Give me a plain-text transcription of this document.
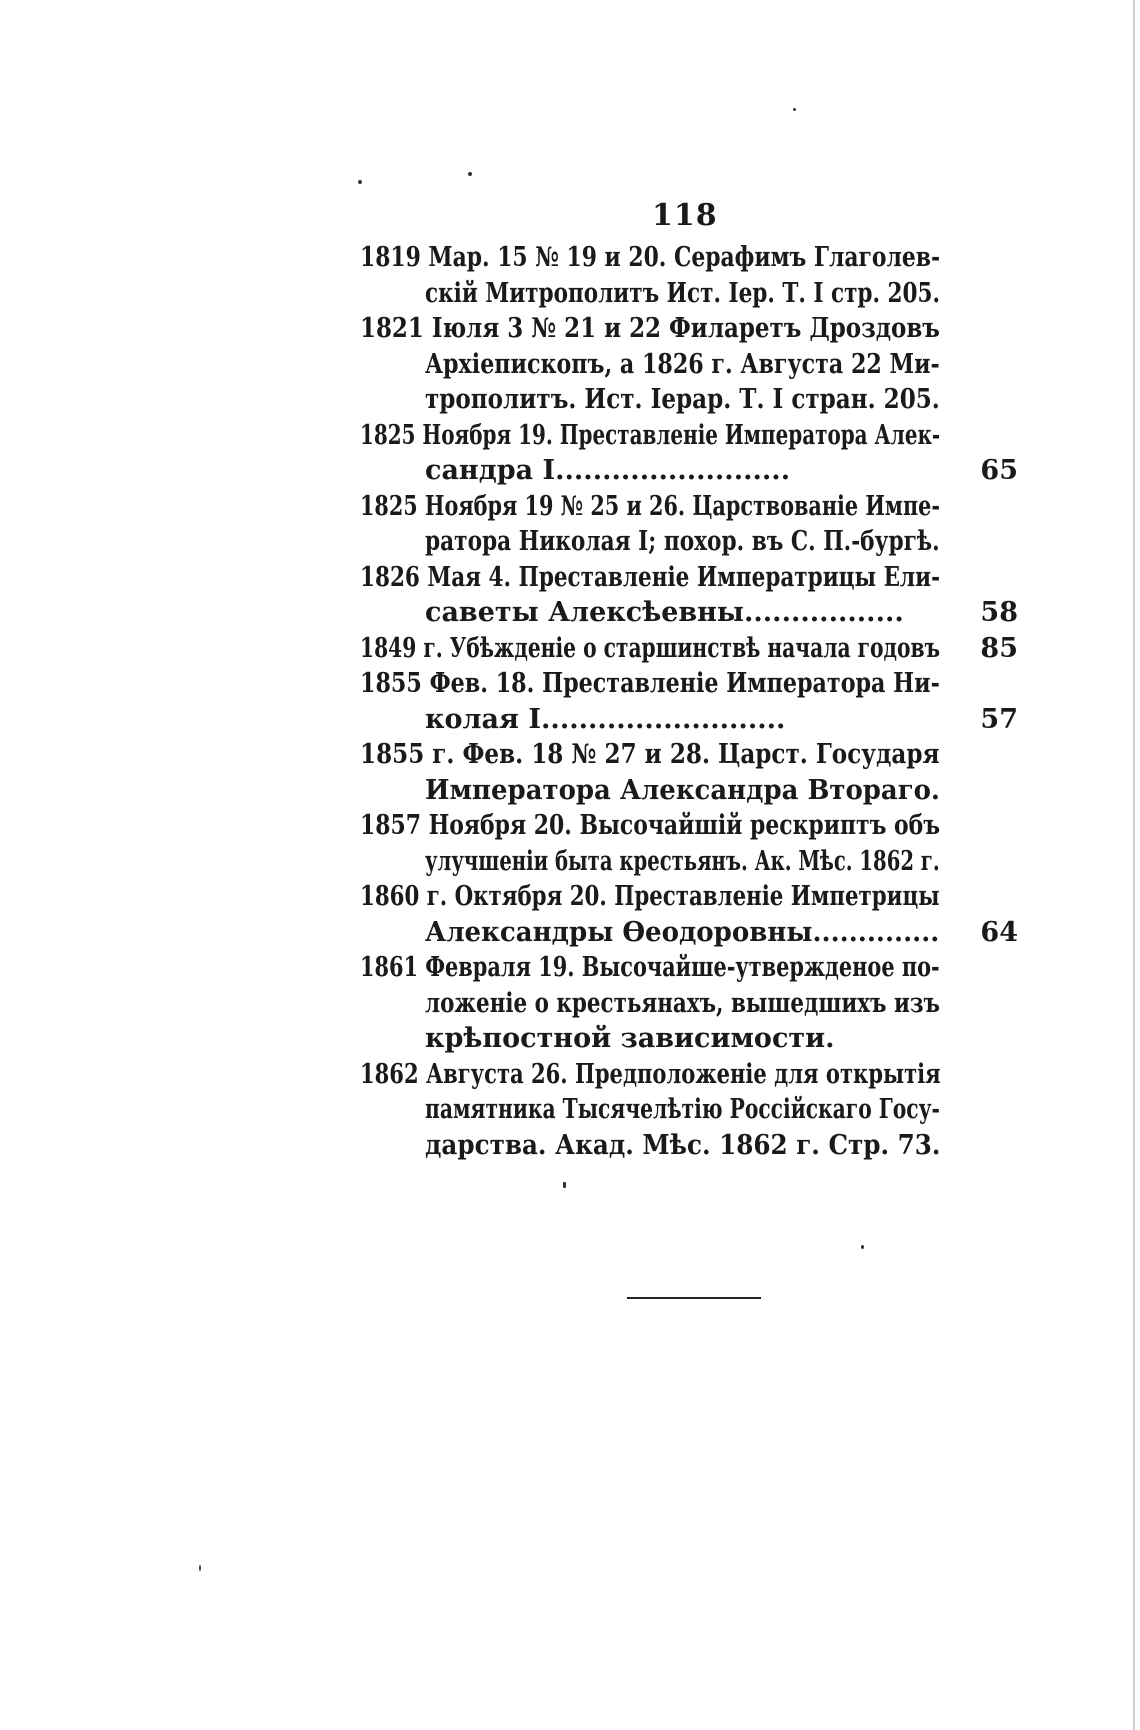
118
1819 Мар. 15 № 19 и 20. Серафимъ Глаголев-
скій Митрополитъ Ист. Іер. Т. I стр. 205.
1821 Іюля 3 № 21 и 22 Филаретъ Дроздовъ
Архіепископъ, а 1826 г. Августа 22 Ми-
трополитъ. Ист. Іерар. Т. I стран. 205.
1825 Ноября 19. Преставленіе Императора Алек-
сандра I.........................	65
1825 Ноября 19 № 25 и 26. Царствованіе Импе-
ратора Николая I; похор. въ С. П.-бургѣ.
1826 Мая 4. Преставленіе Императрицы Ели-
саветы Алексѣевны.................	58
1849 г. Убѣжденіе о старшинствѣ начала годовъ	85
1855 Фев. 18. Преставленіе Императора Ни-
колая I..........................	57
1855 г. Фев. 18 № 27 и 28. Царст. Государя
Императора Александра Втораго.
1857 Ноября 20. Высочайшій рескриптъ объ
улучшеніи быта крестьянъ. Ак. Мѣс. 1862 г.
1860 г. Октября 20. Преставленіе Импетрицы
Александры Ѳеодоровны..............	64
1861 Февраля 19. Высочайше-утвержденое по-
ложеніе о крестьянахъ, вышедшихъ изъ
крѣпостной зависимости.
1862 Августа 26. Предположеніе для открытія
памятника Тысячелѣтію Россійскаго Госу-
дарства. Акад. Мѣс. 1862 г. Стр. 73.
